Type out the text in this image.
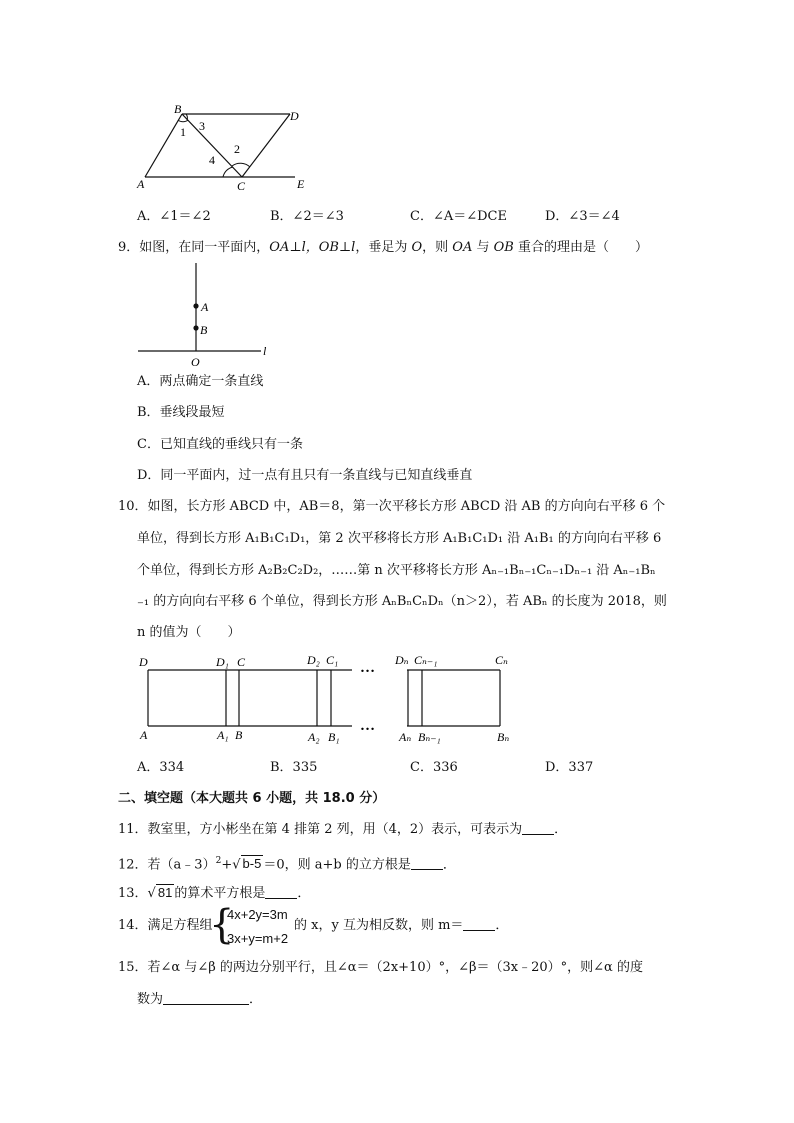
B	D
A	C	E
1 3
4
2
A．∠1＝∠2	B．∠2＝∠3	C．∠A＝∠DCE	D．∠3＝∠4
9．如图，在同一平面内，OA⊥l，OB⊥l，垂足为 O，则 OA 与 OB 重合的理由是（　　）
A
B
O
l
A．两点确定一条直线
B．垂线段最短
C．已知直线的垂线只有一条
D．同一平面内，过一点有且只有一条直线与已知直线垂直
10．如图，长方形 ABCD 中，AB＝8，第一次平移长方形 ABCD 沿 AB 的方向向右平移 6 个
单位，得到长方形 A₁B₁C₁D₁，第 2 次平移将长方形 A₁B₁C₁D₁ 沿 A₁B₁ 的方向向右平移 6
个单位，得到长方形 A₂B₂C₂D₂，……第 n 次平移将长方形 Aₙ₋₁Bₙ₋₁Cₙ₋₁Dₙ₋₁ 沿 Aₙ₋₁Bₙ
₋₁ 的方向向右平移 6 个单位，得到长方形 AₙBₙCₙDₙ（n＞2），若 ABₙ 的长度为 2018，则
n 的值为（　　）
D	D₁ C	D₂ C₁ … Dₙ Cₙ₋₁	Cₙ
A	A₁ B	A₂ B₁
…
Aₙ Bₙ₋₁	Bₙ
A．334	B．335	C．336	D．337
二、填空题（本大题共 6 小题，共 18.0 分）
11．教室里，方小彬坐在第 4 排第 2 列，用（4，2）表示，可表示为 ．
12．若（a﹣3）$^2$+√ b-5 ＝0，则 a+b 的立方根是 ．
13．√ 81 的算术平方根是 ．
14．满足方程组
{
4x+2y=3m
3x+y=m+2
的 x，y 互为相反数，则 m＝ ．
15．若∠α 与∠β 的两边分别平行，且∠α＝（2x+10）°，∠β＝（3x﹣20）°，则∠α 的度
数为	．
